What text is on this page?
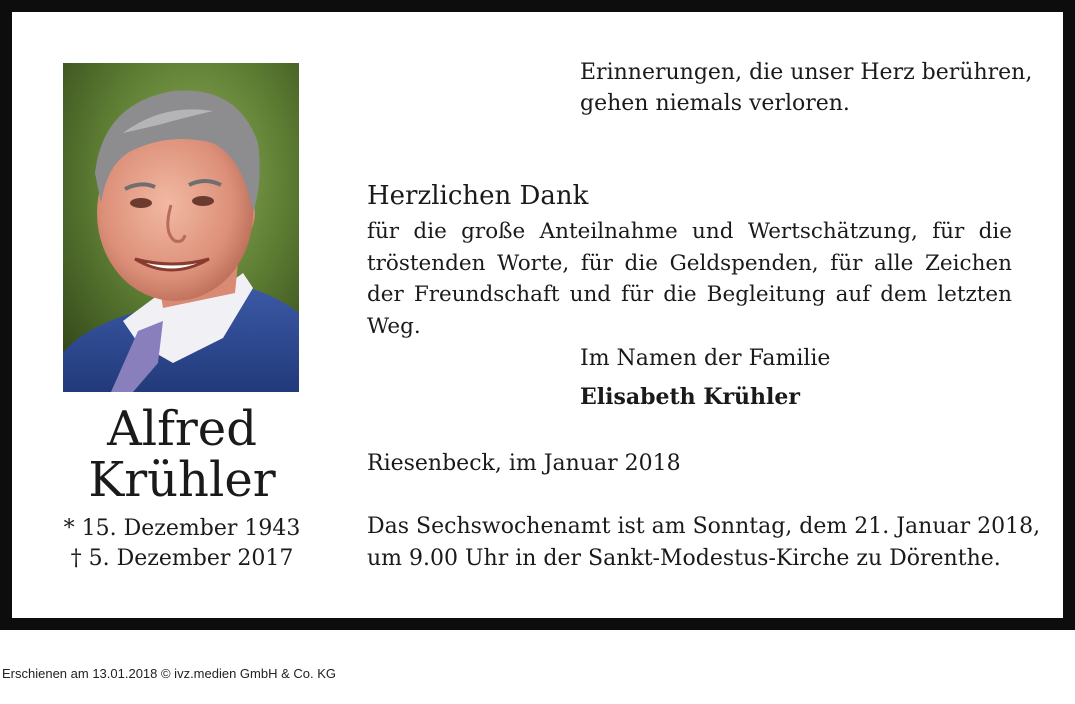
Alfred
Krühler
* 15. Dezember 1943
† 5. Dezember 2017
Erinnerungen, die unser Herz berühren,
gehen niemals verloren.
Herzlichen Dank
für die große Anteilnahme und Wertschätzung, für die tröstenden Worte, für die Geldspenden, für alle Zeichen der Freundschaft und für die Begleitung auf dem letzten Weg.
Im Namen der Familie
Elisabeth Krühler
Riesenbeck, im Januar 2018
Das Sechswochenamt ist am Sonntag, dem 21. Januar 2018,
um 9.00 Uhr in der Sankt-Modestus-Kirche zu Dörenthe.
Erschienen am 13.01.2018 © ivz.medien GmbH & Co. KG
